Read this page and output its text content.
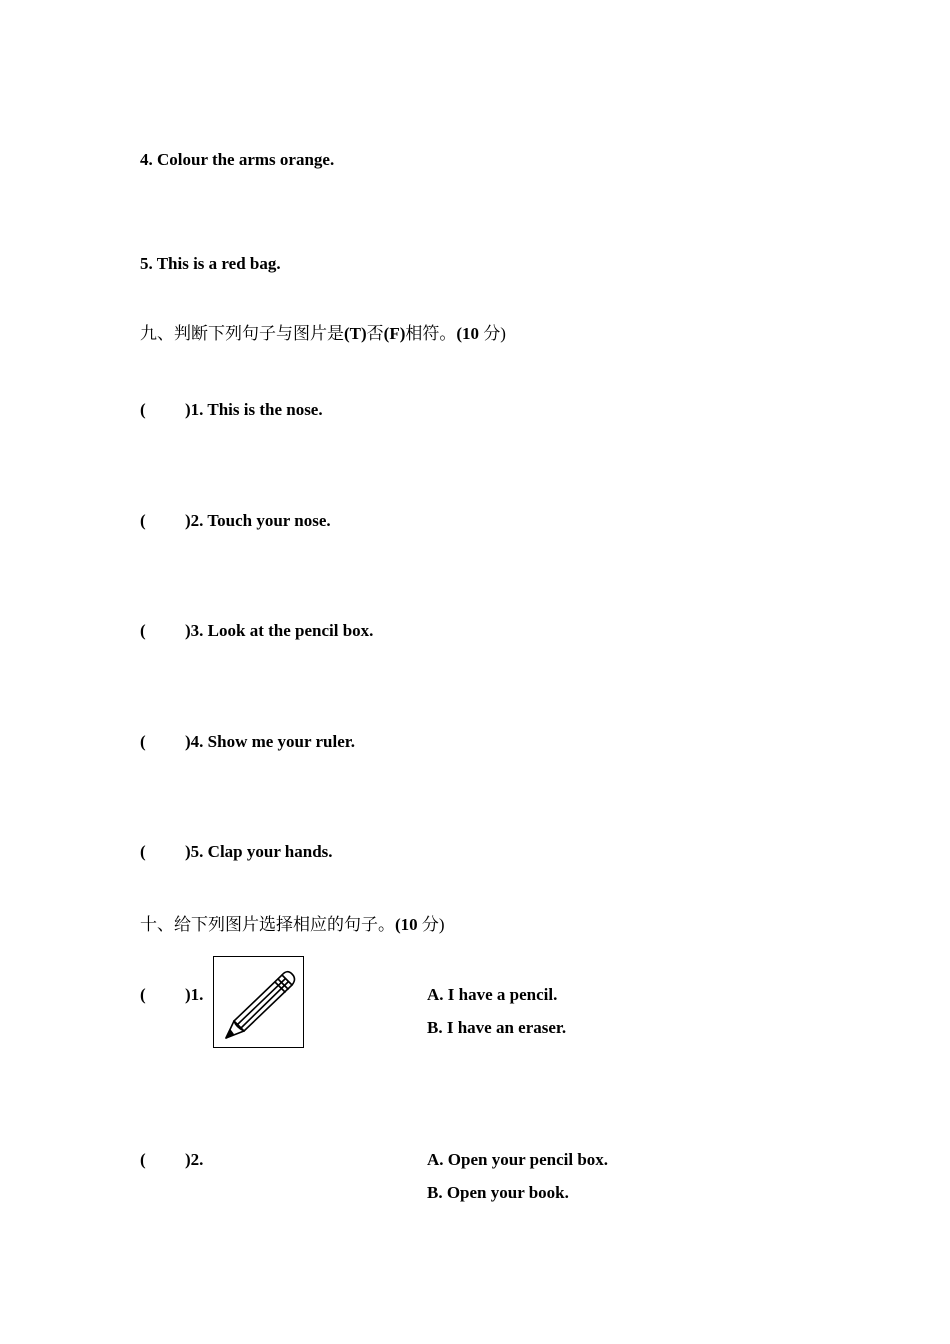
4. Colour the arms orange.
5. This is a red bag.
九、判断下列句子与图片是(T)否(F)相符。(10 分)
( )1. This is the nose.
( )2. Touch your nose.
( )3. Look at the pencil box.
( )4. Show me your ruler.
( )5. Clap your hands.
十、给下列图片选择相应的句子。(10 分)
( )1.	A. I have a pencil.
B. I have an eraser.
( )2.	A. Open your pencil box.
B. Open your book.
